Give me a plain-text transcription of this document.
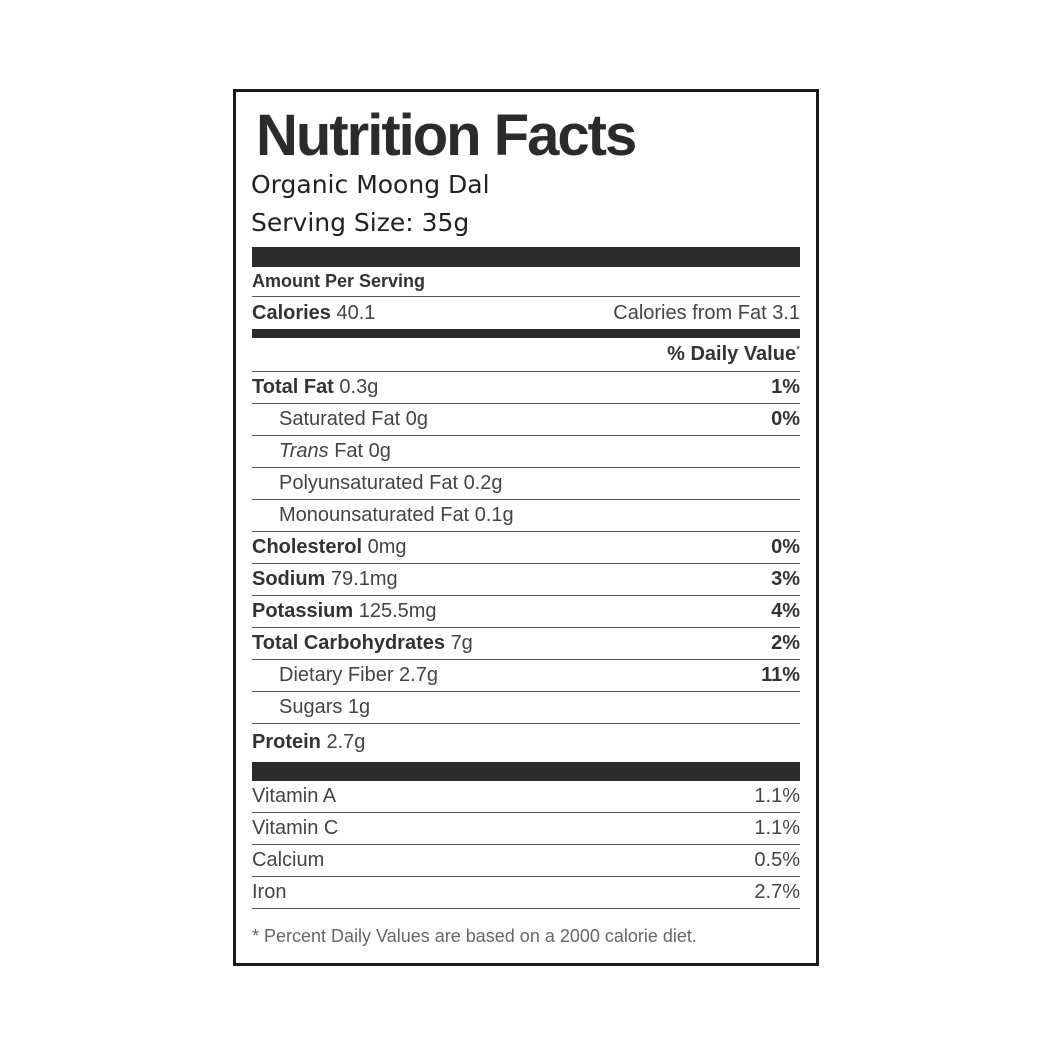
Nutrition Facts
Organic Moong Dal
Serving Size: 35g
Amount Per Serving
Calories 40.1	Calories from Fat 3.1
% Daily Value*
Total Fat 0.3g	1%
Saturated Fat 0g	0%
Trans Fat 0g
Polyunsaturated Fat 0.2g
Monounsaturated Fat 0.1g
Cholesterol 0mg	0%
Sodium 79.1mg	3%
Potassium 125.5mg	4%
Total Carbohydrates 7g	2%
Dietary Fiber 2.7g	11%
Sugars 1g
Protein 2.7g
Vitamin A	1.1%
Vitamin C	1.1%
Calcium	0.5%
Iron	2.7%
* Percent Daily Values are based on a 2000 calorie diet.
